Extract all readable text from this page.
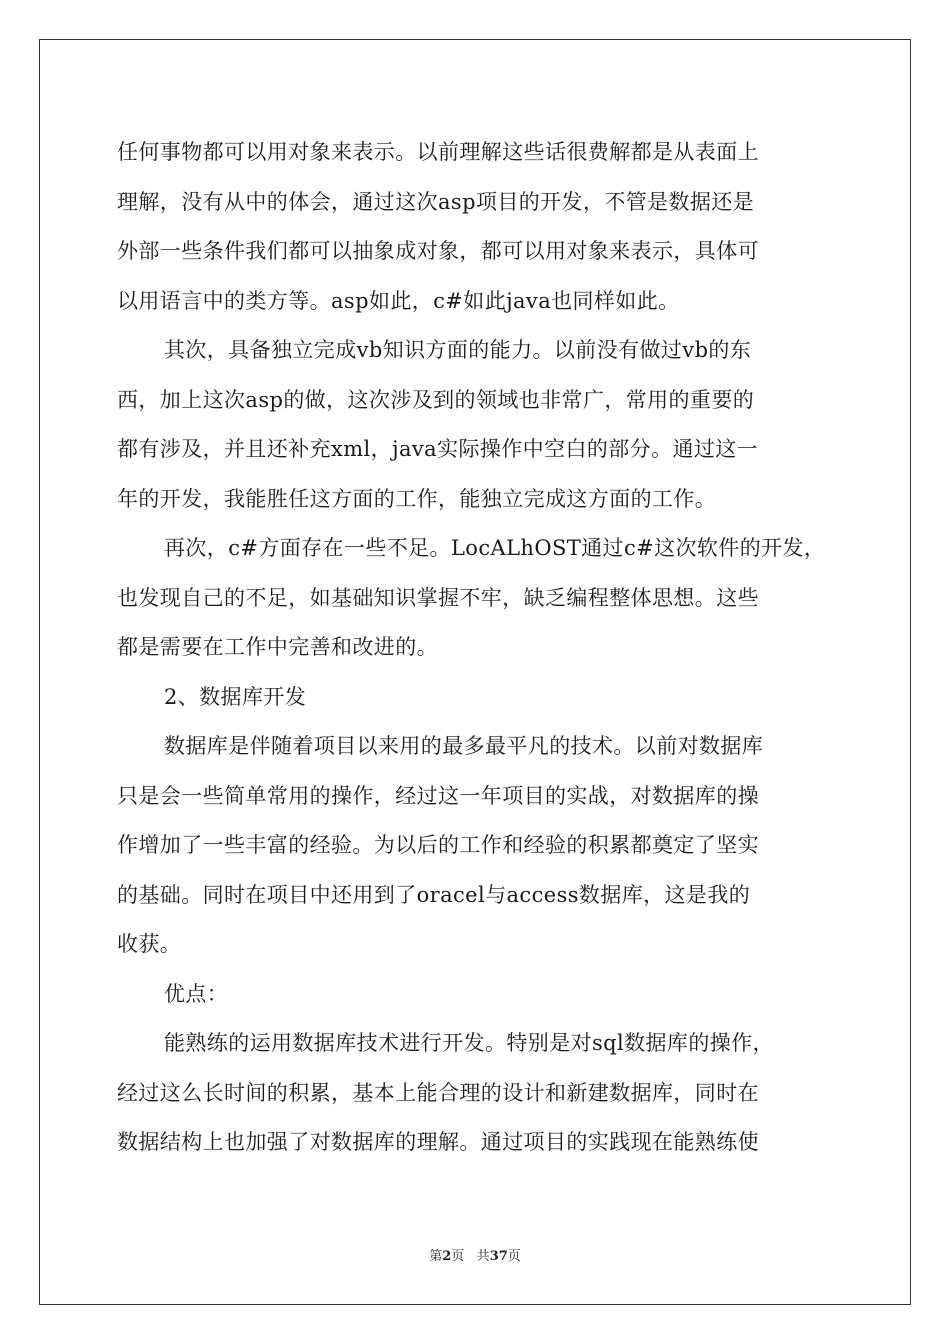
任何事物都可以用对象来表示。以前理解这些话很费解都是从表面上
理解，没有从中的体会，通过这次asp项目的开发，不管是数据还是
外部一些条件我们都可以抽象成对象，都可以用对象来表示，具体可
以用语言中的类方等。asp如此，c#如此java也同样如此。
其次，具备独立完成vb知识方面的能力。以前没有做过vb的东
西，加上这次asp的做，这次涉及到的领域也非常广，常用的重要的
都有涉及，并且还补充xml，java实际操作中空白的部分。通过这一
年的开发，我能胜任这方面的工作，能独立完成这方面的工作。
再次，c#方面存在一些不足。LocALhOST通过c#这次软件的开发，
也发现自己的不足，如基础知识掌握不牢，缺乏编程整体思想。这些
都是需要在工作中完善和改进的。
2、数据库开发
数据库是伴随着项目以来用的最多最平凡的技术。以前对数据库
只是会一些简单常用的操作，经过这一年项目的实战，对数据库的操
作增加了一些丰富的经验。为以后的工作和经验的积累都奠定了坚实
的基础。同时在项目中还用到了oracel与access数据库，这是我的
收获。
优点：
能熟练的运用数据库技术进行开发。特别是对sql数据库的操作，
经过这么长时间的积累，基本上能合理的设计和新建数据库，同时在
数据结构上也加强了对数据库的理解。通过项目的实践现在能熟练使
第2页 共37页
